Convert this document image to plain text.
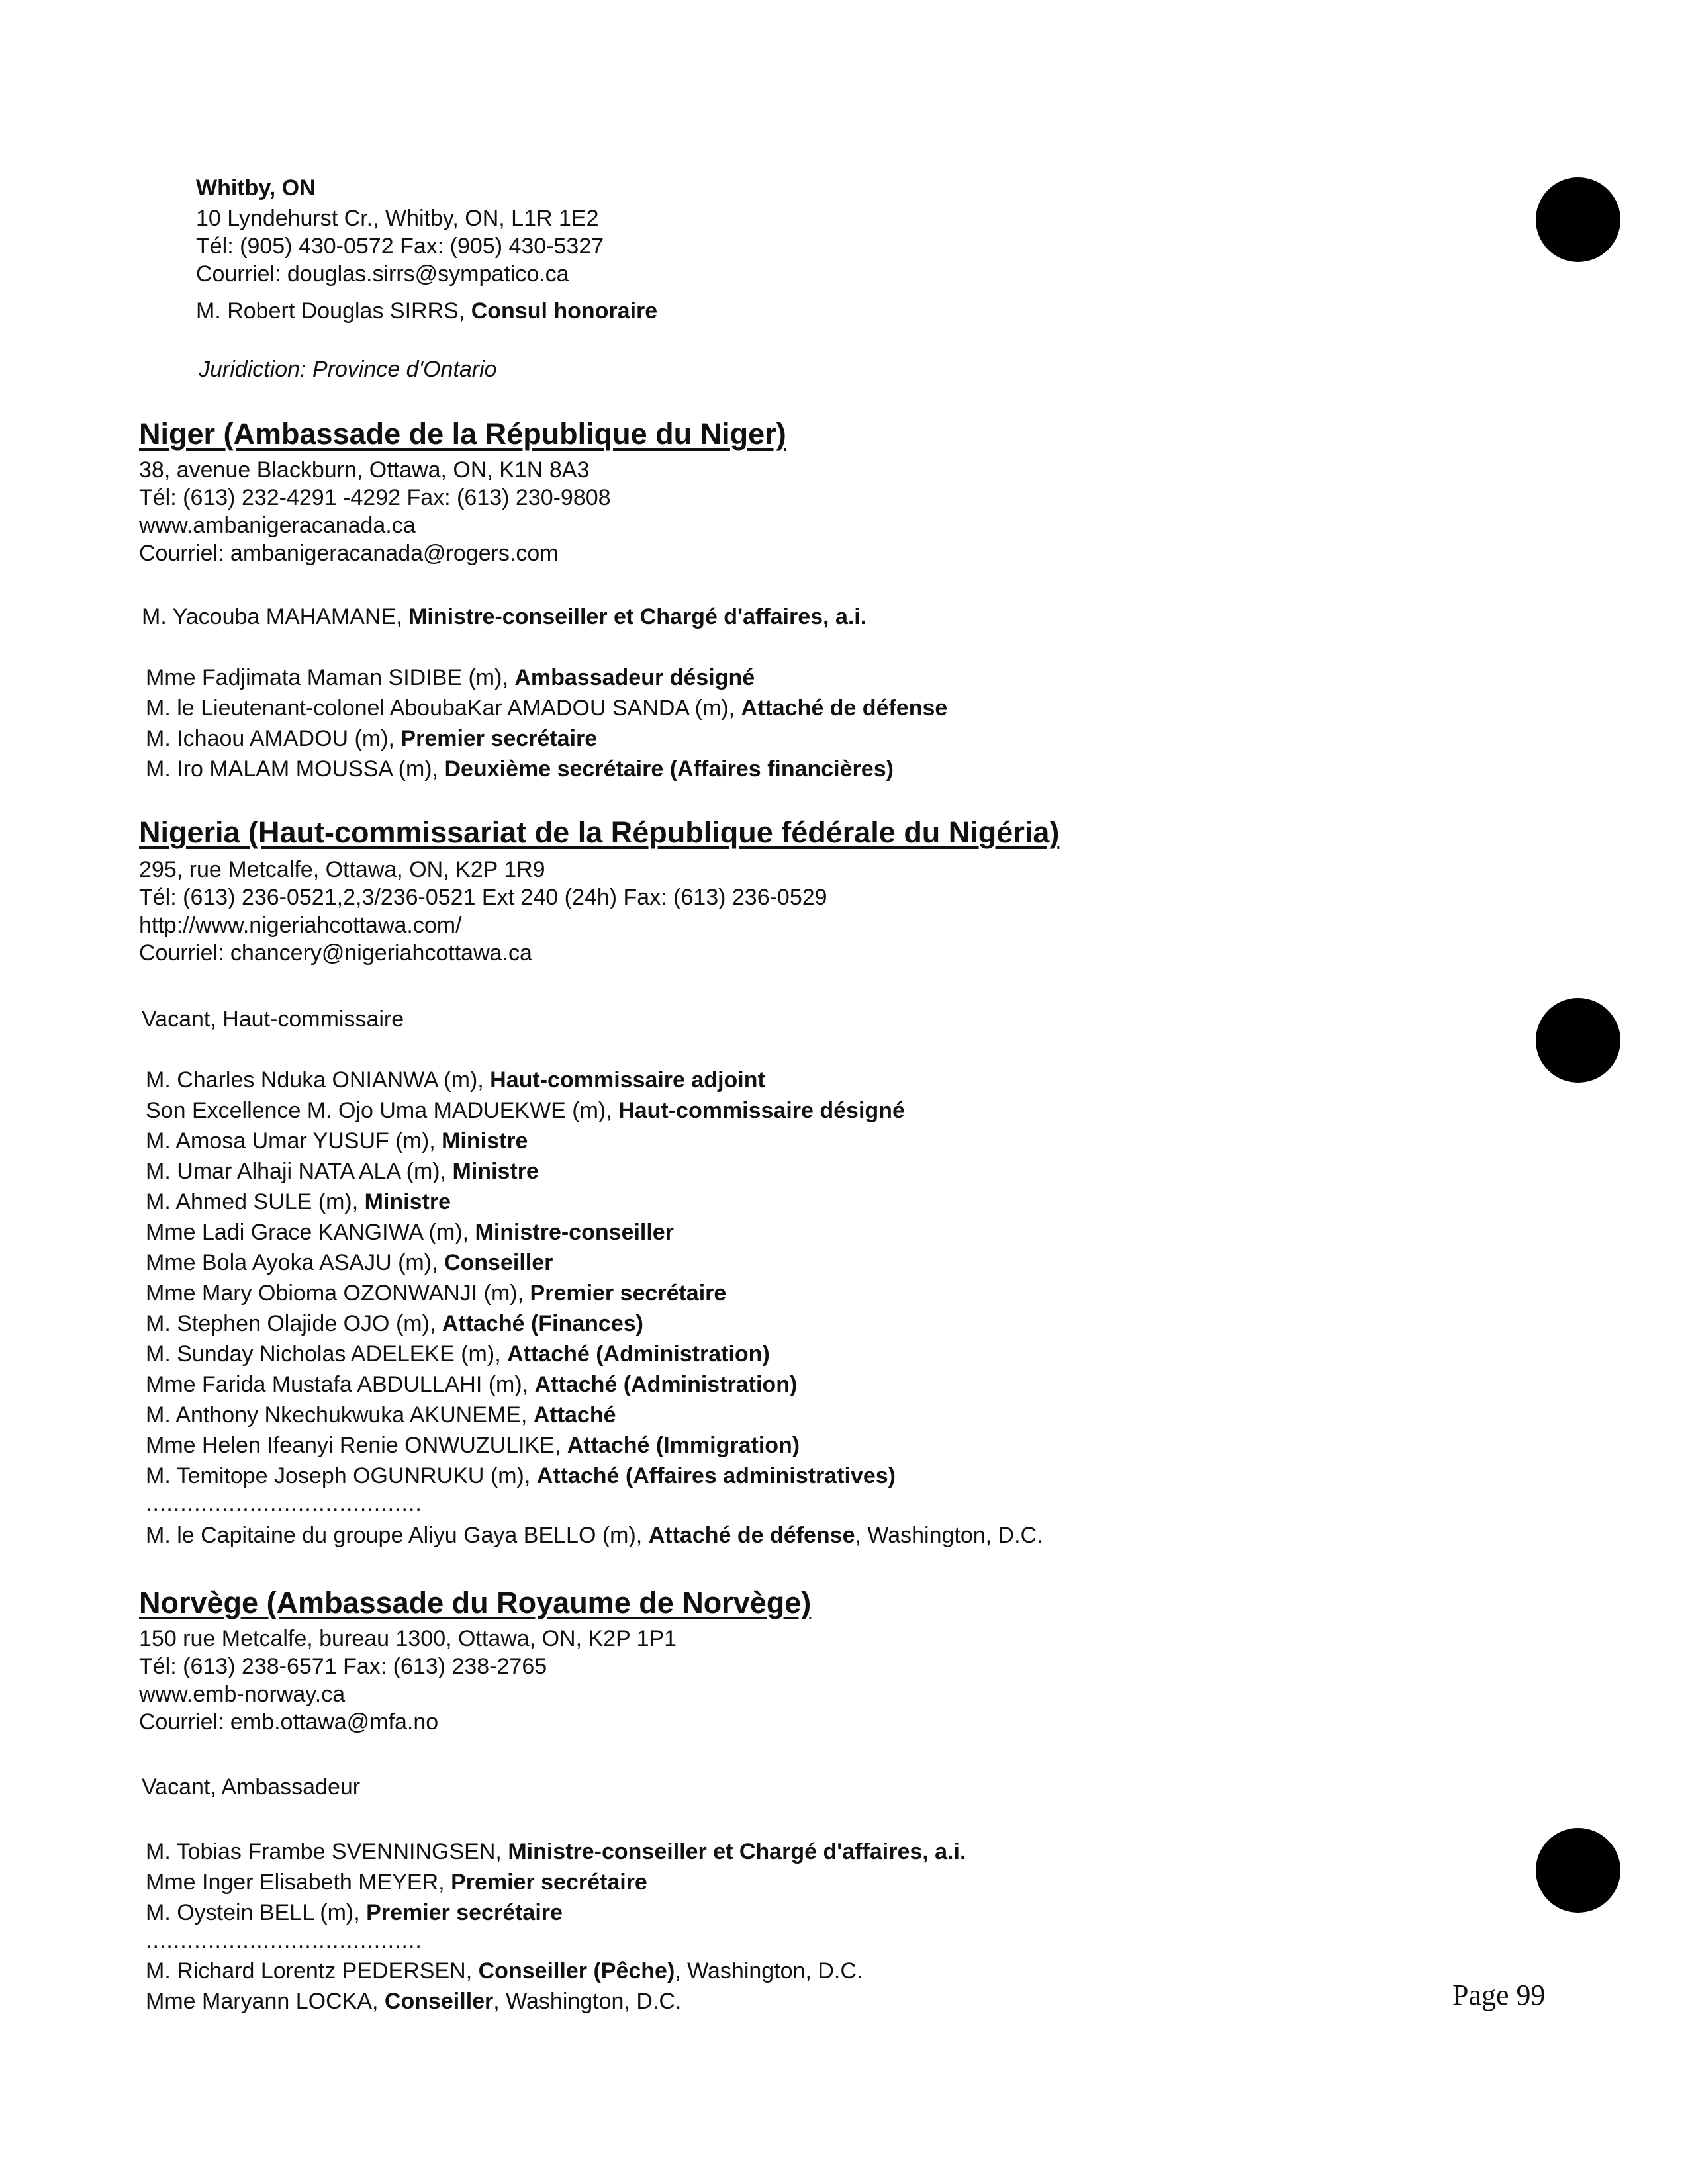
Whitby, ON
10 Lyndehurst Cr., Whitby, ON, L1R 1E2
Tél: (905) 430-0572 Fax: (905) 430-5327
Courriel: douglas.sirrs@sympatico.ca
M. Robert Douglas SIRRS, Consul honoraire
Juridiction: Province d'Ontario
Niger (Ambassade de la République du Niger)
38, avenue Blackburn, Ottawa, ON, K1N 8A3
Tél: (613) 232-4291 -4292 Fax: (613) 230-9808
www.ambanigeracanada.ca
Courriel: ambanigeracanada@rogers.com
M. Yacouba MAHAMANE, Ministre-conseiller et Chargé d'affaires, a.i.
Mme Fadjimata Maman SIDIBE (m), Ambassadeur désigné
M. le Lieutenant-colonel AboubaKar AMADOU SANDA (m), Attaché de défense
M. Ichaou AMADOU (m), Premier secrétaire
M. Iro MALAM MOUSSA (m), Deuxième secrétaire (Affaires financières)
Nigeria (Haut-commissariat de la République fédérale du Nigéria)
295, rue Metcalfe, Ottawa, ON, K2P 1R9
Tél: (613) 236-0521,2,3/236-0521 Ext 240 (24h) Fax: (613) 236-0529
http://www.nigeriahcottawa.com/
Courriel: chancery@nigeriahcottawa.ca
Vacant, Haut-commissaire
M. Charles Nduka ONIANWA (m), Haut-commissaire adjoint
Son Excellence M. Ojo Uma MADUEKWE (m), Haut-commissaire désigné
M. Amosa Umar YUSUF (m), Ministre
M. Umar Alhaji NATA ALA (m), Ministre
M. Ahmed SULE (m), Ministre
Mme Ladi Grace KANGIWA (m), Ministre-conseiller
Mme Bola Ayoka ASAJU (m), Conseiller
Mme Mary Obioma OZONWANJI (m), Premier secrétaire
M. Stephen Olajide OJO (m), Attaché (Finances)
M. Sunday Nicholas ADELEKE (m), Attaché (Administration)
Mme Farida Mustafa ABDULLAHI (m), Attaché (Administration)
M. Anthony Nkechukwuka AKUNEME, Attaché
Mme Helen Ifeanyi Renie ONWUZULIKE, Attaché (Immigration)
M. Temitope Joseph OGUNRUKU (m), Attaché (Affaires administratives)
........................................
M. le Capitaine du groupe Aliyu Gaya BELLO (m), Attaché de défense, Washington, D.C.
Norvège (Ambassade du Royaume de Norvège)
150 rue Metcalfe, bureau 1300, Ottawa, ON, K2P 1P1
Tél: (613) 238-6571 Fax: (613) 238-2765
www.emb-norway.ca
Courriel: emb.ottawa@mfa.no
Vacant, Ambassadeur
M. Tobias Frambe SVENNINGSEN, Ministre-conseiller et Chargé d'affaires, a.i.
Mme Inger Elisabeth MEYER, Premier secrétaire
M. Oystein BELL (m), Premier secrétaire
........................................
M. Richard Lorentz PEDERSEN, Conseiller (Pêche), Washington, D.C.
Mme Maryann LOCKA, Conseiller, Washington, D.C.	Page 99
